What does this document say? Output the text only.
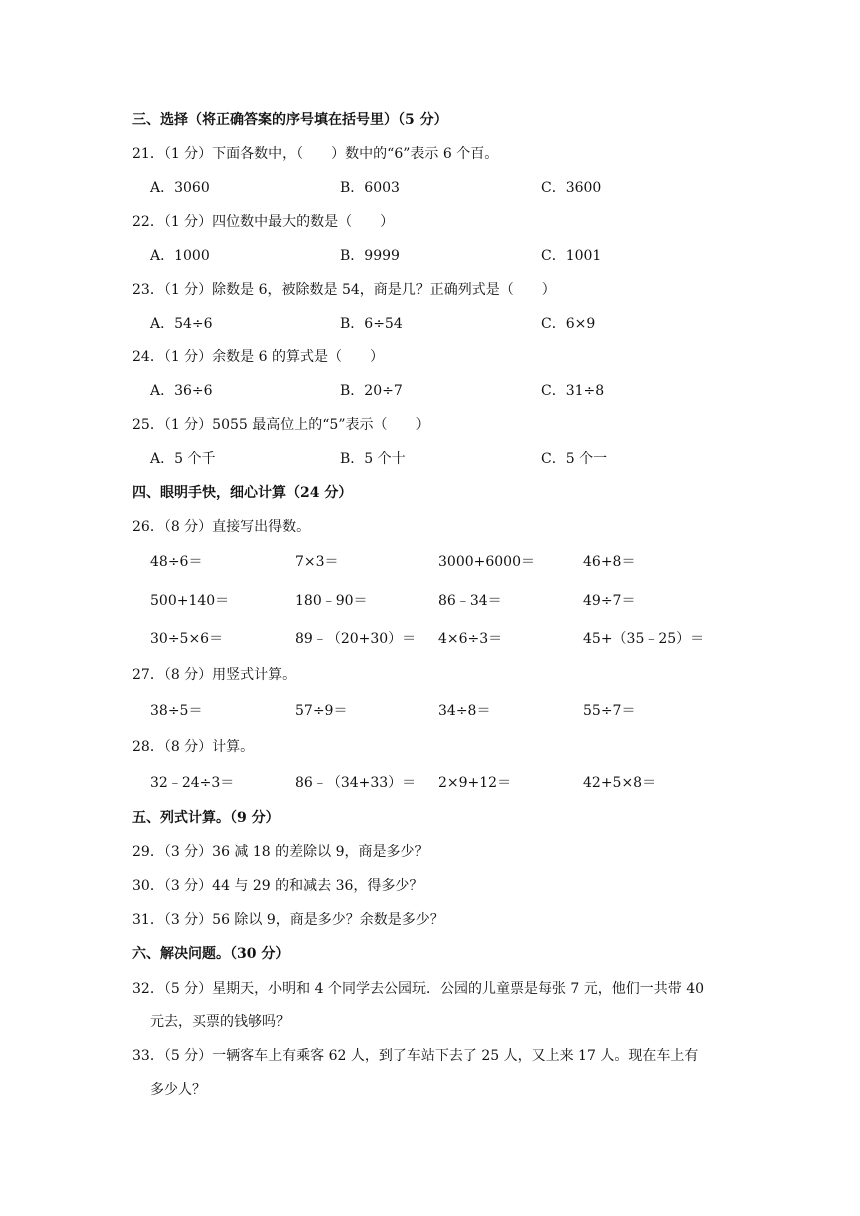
三、选择（将正确答案的序号填在括号里）（5 分）
21．（1 分）下面各数中，（　　）数中的“6”表示 6 个百。
A．3060	B．6003	C．3600
22．（1 分）四位数中最大的数是（　　）
A．1000	B．9999	C．1001
23．（1 分）除数是 6，被除数是 54，商是几？正确列式是（　　）
A．54÷6	B．6÷54	C．6×9
24．（1 分）余数是 6 的算式是（　　）
A．36÷6	B．20÷7	C．31÷8
25．（1 分）5055 最高位上的“5”表示（　　）
A．5 个千	B．5 个十	C．5 个一
四、眼明手快，细心计算（24 分）
26．（8 分）直接写出得数。
48÷6＝	7×3＝	3000+6000＝	46+8＝
500+140＝	180﹣90＝	86﹣34＝	49÷7＝
30÷5×6＝	89﹣（20+30）＝ 4×6÷3＝	45+（35﹣25）＝
27．（8 分）用竖式计算。
38÷5＝	57÷9＝	34÷8＝	55÷7＝
28．（8 分）计算。
32﹣24÷3＝	86﹣（34+33）＝ 2×9+12＝	42+5×8＝
五、列式计算。（9 分）
29．（3 分）36 减 18 的差除以 9，商是多少？
30．（3 分）44 与 29 的和减去 36，得多少？
31．（3 分）56 除以 9，商是多少？余数是多少？
六、解决问题。（30 分）
32．（5 分）星期天，小明和 4 个同学去公园玩．公园的儿童票是每张 7 元，他们一共带 40
元去，买票的钱够吗？
33．（5 分）一辆客车上有乘客 62 人，到了车站下去了 25 人，又上来 17 人。现在车上有
多少人？
